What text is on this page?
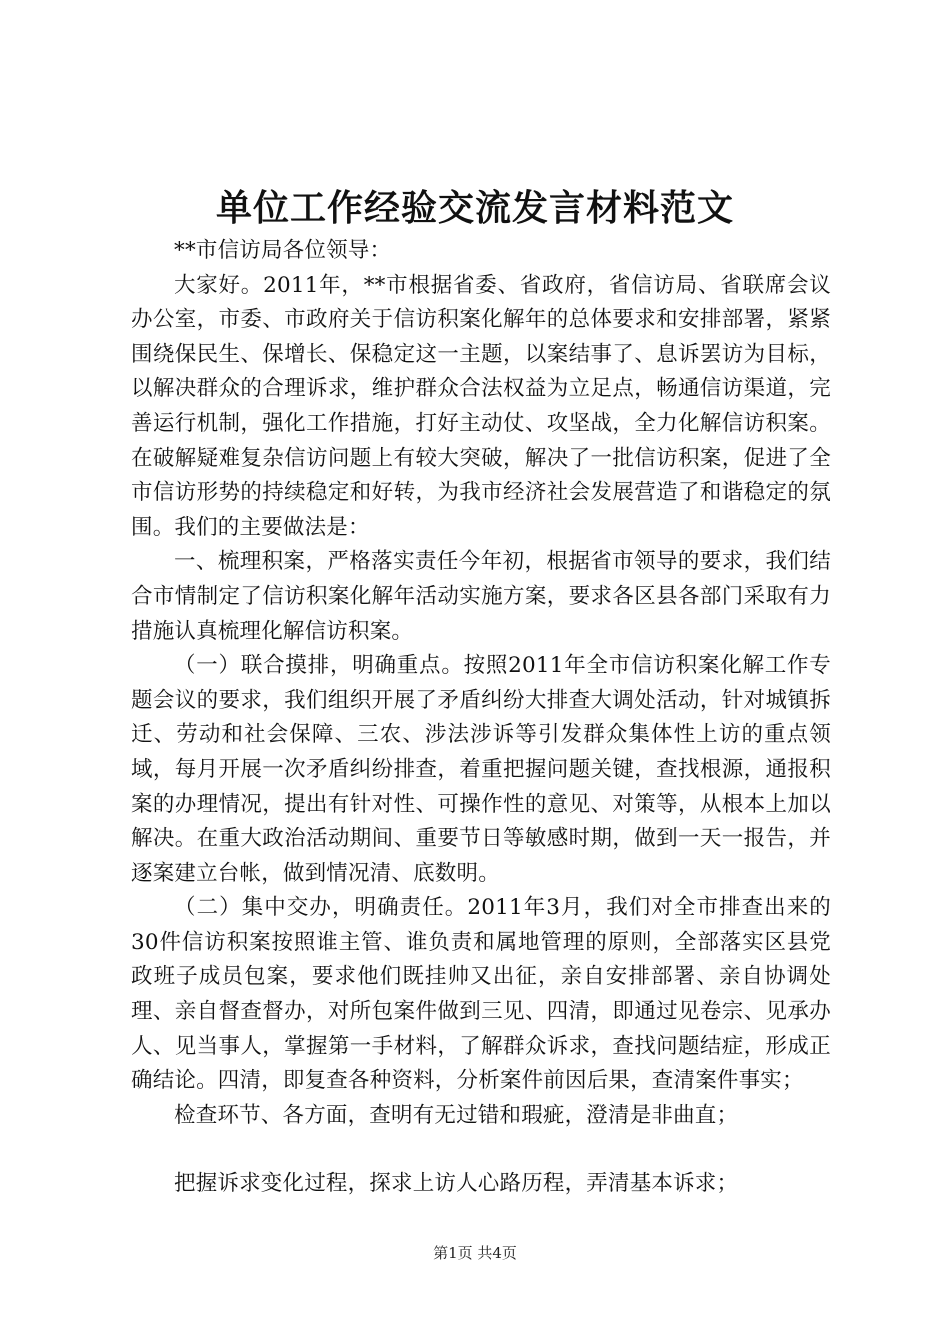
单位工作经验交流发言材料范文

**市信访局各位领导：

大家好。2011年，**市根据省委、省政府，省信访局、省联席会议办公室，市委、市政府关于信访积案化解年的总体要求和安排部署，紧紧围绕保民生、保增长、保稳定这一主题，以案结事了、息诉罢访为目标，以解决群众的合理诉求，维护群众合法权益为立足点，畅通信访渠道，完善运行机制，强化工作措施，打好主动仗、攻坚战，全力化解信访积案。在破解疑难复杂信访问题上有较大突破，解决了一批信访积案，促进了全市信访形势的持续稳定和好转，为我市经济社会发展营造了和谐稳定的氛围。我们的主要做法是：

一、梳理积案，严格落实责任今年初，根据省市领导的要求，我们结合市情制定了信访积案化解年活动实施方案，要求各区县各部门采取有力措施认真梳理化解信访积案。

（一）联合摸排，明确重点。按照2011年全市信访积案化解工作专题会议的要求，我们组织开展了矛盾纠纷大排查大调处活动，针对城镇拆迁、劳动和社会保障、三农、涉法涉诉等引发群众集体性上访的重点领域，每月开展一次矛盾纠纷排查，着重把握问题关键，查找根源，通报积案的办理情况，提出有针对性、可操作性的意见、对策等，从根本上加以解决。在重大政治活动期间、重要节日等敏感时期，做到一天一报告，并逐案建立台帐，做到情况清、底数明。

（二）集中交办，明确责任。2011年3月，我们对全市排查出来的30件信访积案按照谁主管、谁负责和属地管理的原则，全部落实区县党政班子成员包案，要求他们既挂帅又出征，亲自安排部署、亲自协调处理、亲自督查督办，对所包案件做到三见、四清，即通过见卷宗、见承办人、见当事人，掌握第一手材料，了解群众诉求，查找问题结症，形成正确结论。四清，即复查各种资料，分析案件前因后果，查清案件事实；

检查环节、各方面，查明有无过错和瑕疵，澄清是非曲直；

把握诉求变化过程，探求上访人心路历程，弄清基本诉求；

第1页 共4页
